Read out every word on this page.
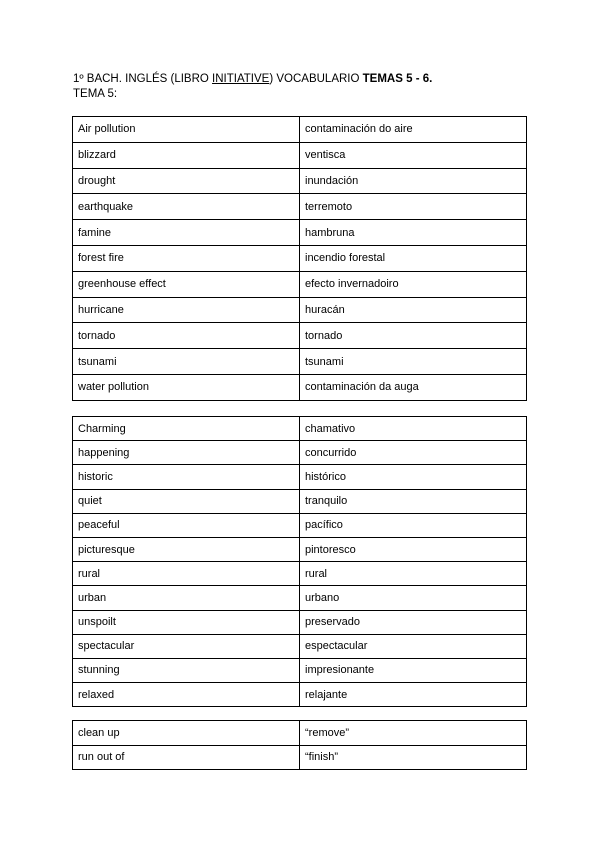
1º BACH. INGLÉS (LIBRO INITIATIVE) VOCABULARIO TEMAS 5 - 6.
TEMA 5:
Air pollution	contaminación do aire
blizzard	ventisca
drought	inundación
earthquake	terremoto
famine	hambruna
forest fire	incendio forestal
greenhouse effect	efecto invernadoiro
hurricane	huracán
tornado	tornado
tsunami	tsunami
water pollution	contaminación da auga
Charming	chamativo
happening	concurrido
historic	histórico
quiet	tranquilo
peaceful	pacífico
picturesque	pintoresco
rural	rural
urban	urbano
unspoilt	preservado
spectacular	espectacular
stunning	impresionante
relaxed	relajante
clean up	“remove”
run out of	“finish”
